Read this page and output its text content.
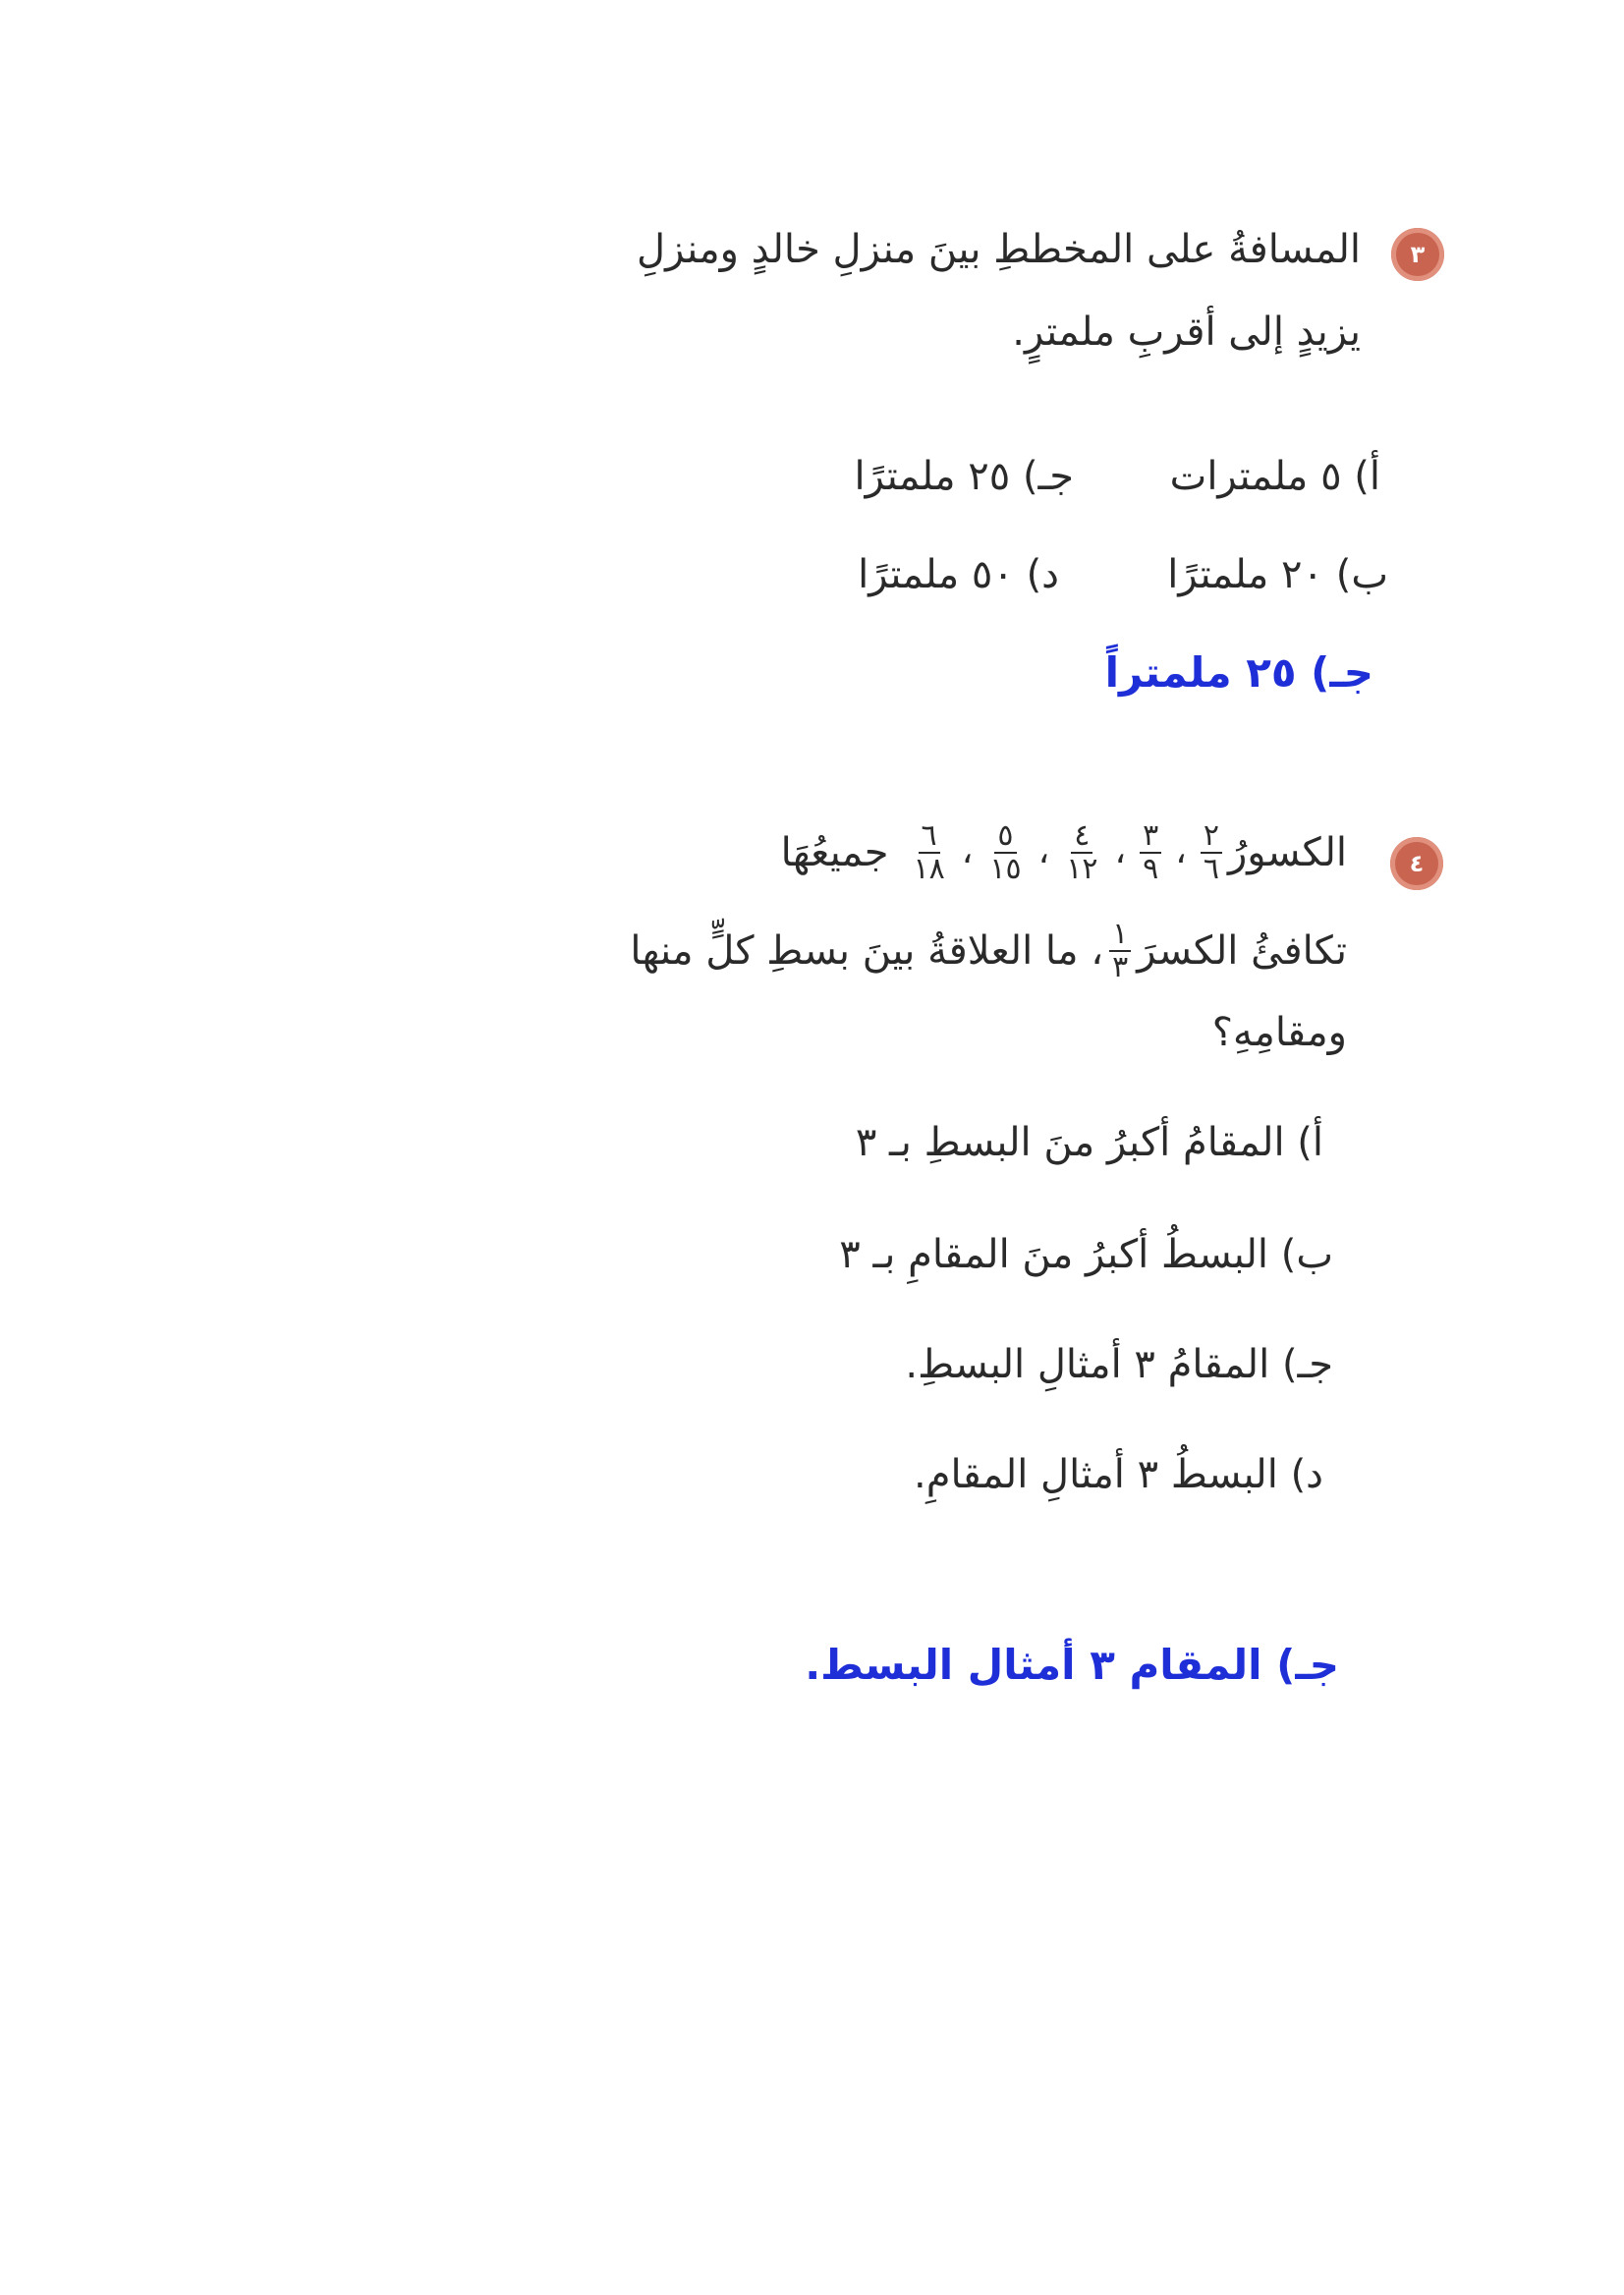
٣
المسافةُ على المخططِ بينَ منزلِ خالدٍ ومنزلِ
يزيدٍ إلى أقربِ ملمترٍ.
أ) ٥ ملمترات
جـ) ٢٥ ملمترًا
ب) ٢٠ ملمترًا
د) ٥٠ ملمترًا
جـ) ٢٥ ملمتراً
٤
الكسورُ
$\frac{٢}{٦}$
،
$\frac{٣}{٩}$
،
$\frac{٤}{١٢}$
،
$\frac{٥}{١٥}$
،
$\frac{٦}{١٨}$
جميعُهَا
تكافئُ الكسرَ
$\frac{١}{٣}$
، ما العلاقةُ بينَ بسطِ كلٍّ منها
ومقامِهِ؟
أ) المقامُ أكبرُ منَ البسطِ بـ ٣
ب) البسطُ أكبرُ منَ المقامِ بـ ٣
جـ) المقامُ ٣ أمثالِ البسطِ.
د) البسطُ ٣ أمثالِ المقامِ.
جـ) المقام ٣ أمثال البسط.
